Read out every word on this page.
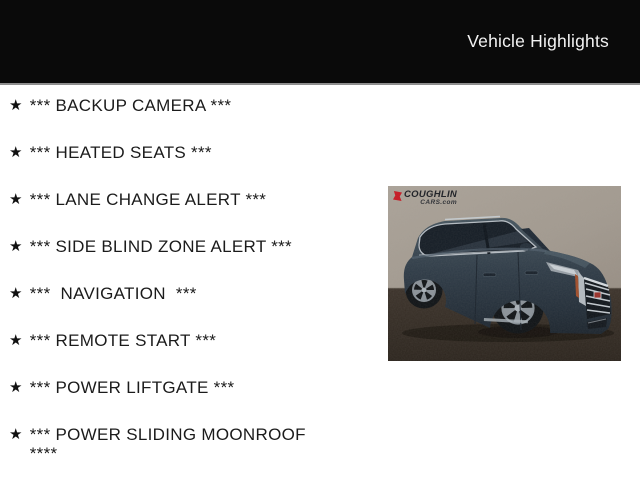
Vehicle Highlights
★ *** BACKUP CAMERA ***
★ *** HEATED SEATS ***
★ *** LANE CHANGE ALERT ***
★ *** SIDE BLIND ZONE ALERT ***
★ ***  NAVIGATION  ***
★ *** REMOTE START ***
★ *** POWER LIFTGATE ***
★ *** POWER SLIDING MOONROOF ****
COUGHLIN
CARS.com
